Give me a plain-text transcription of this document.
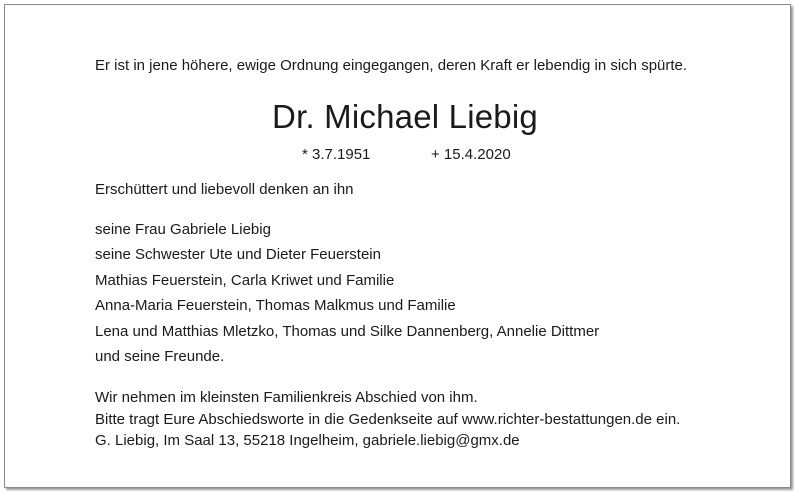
Er ist in jene höhere, ewige Ordnung eingegangen, deren Kraft er lebendig in sich spürte.
Dr. Michael Liebig
* 3.7.1951	+ 15.4.2020
Erschüttert und liebevoll denken an ihn
seine Frau Gabriele Liebig
seine Schwester Ute und Dieter Feuerstein
Mathias Feuerstein, Carla Kriwet und Familie
Anna-Maria Feuerstein, Thomas Malkmus und Familie
Lena und Matthias Mletzko, Thomas und Silke Dannenberg, Annelie Dittmer
und seine Freunde.
Wir nehmen im kleinsten Familienkreis Abschied von ihm.
Bitte tragt Eure Abschiedsworte in die Gedenkseite auf www.richter-bestattungen.de ein.
G. Liebig, Im Saal 13, 55218 Ingelheim, gabriele.liebig@gmx.de
